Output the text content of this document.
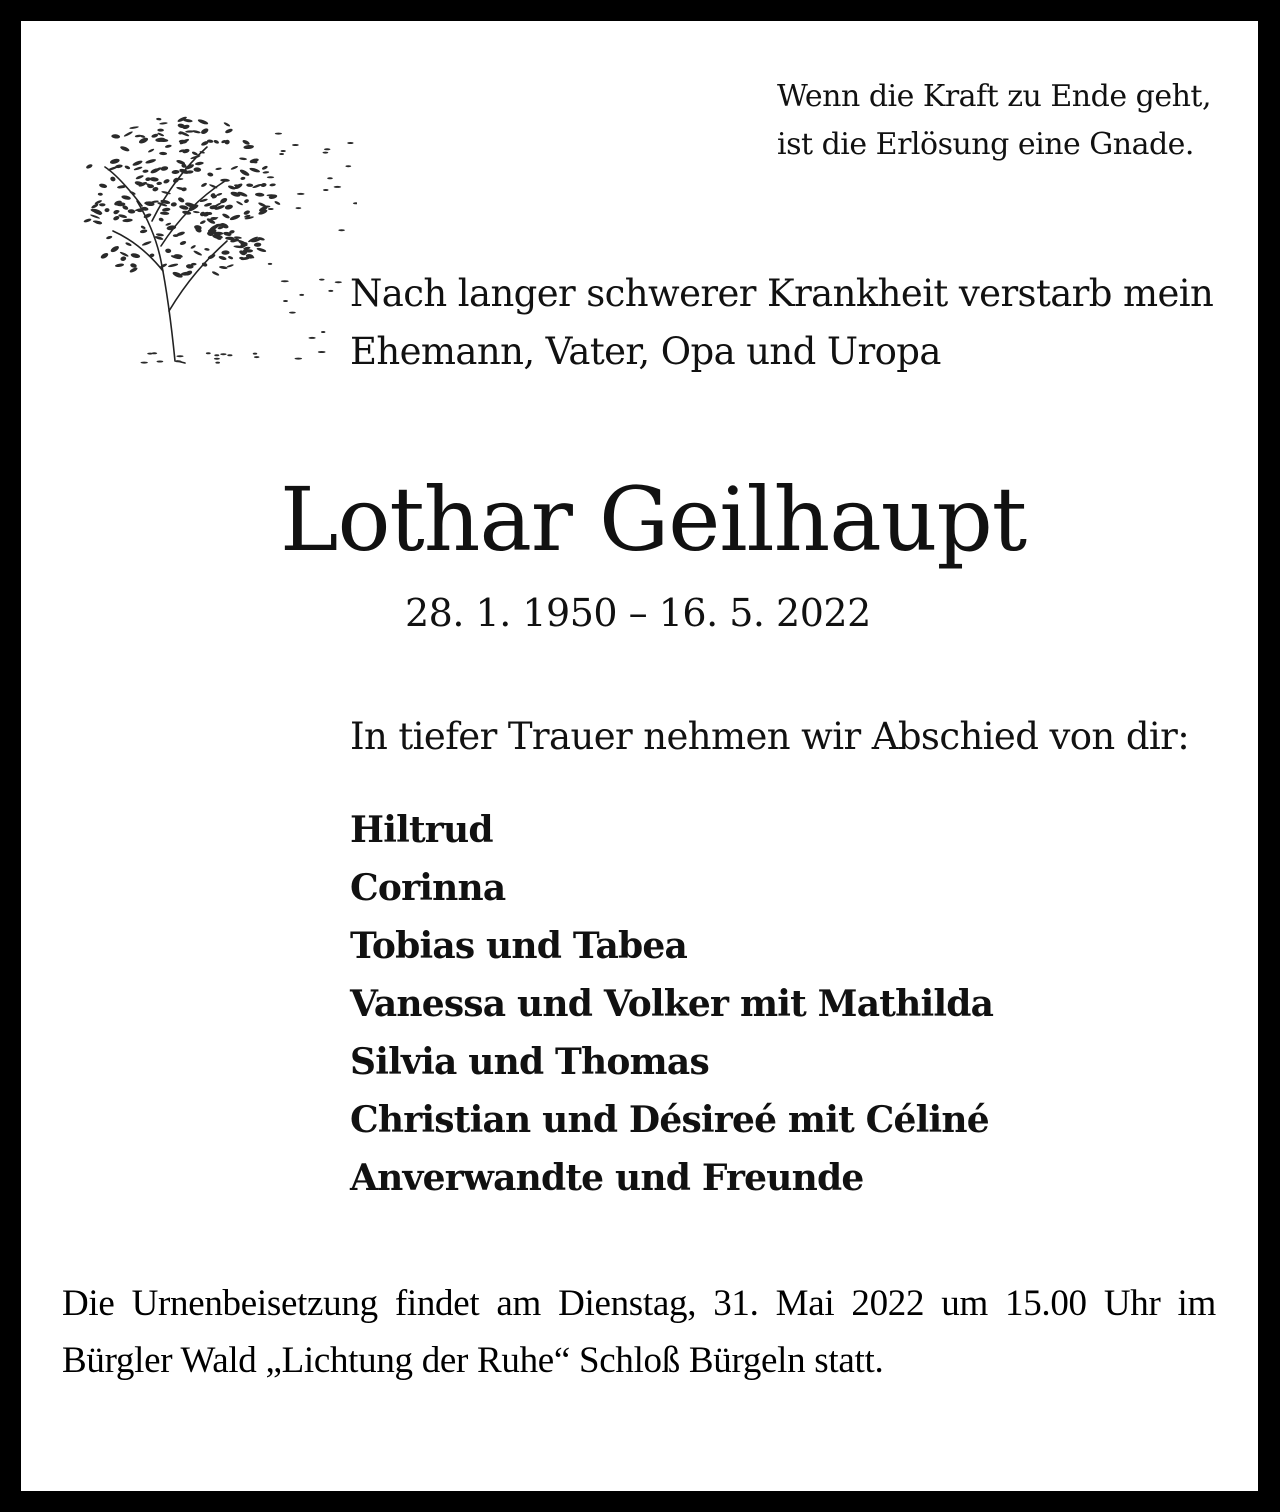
Wenn die Kraft zu Ende geht,
ist die Erlösung eine Gnade.
Nach langer schwerer Krankheit verstarb mein
Ehemann, Vater, Opa und Uropa
Lothar Geilhaupt
28. 1. 1950 – 16. 5. 2022
In tiefer Trauer nehmen wir Abschied von dir:
Hiltrud
Corinna
Tobias und Tabea
Vanessa und Volker mit Mathilda
Silvia und Thomas
Christian und Désireé mit Céliné
Anverwandte und Freunde
Die Urnenbeisetzung findet am Dienstag, 31. Mai 2022 um 15.00 Uhr im Bürgler Wald „Lichtung der Ruhe“ Schloß Bürgeln statt.
